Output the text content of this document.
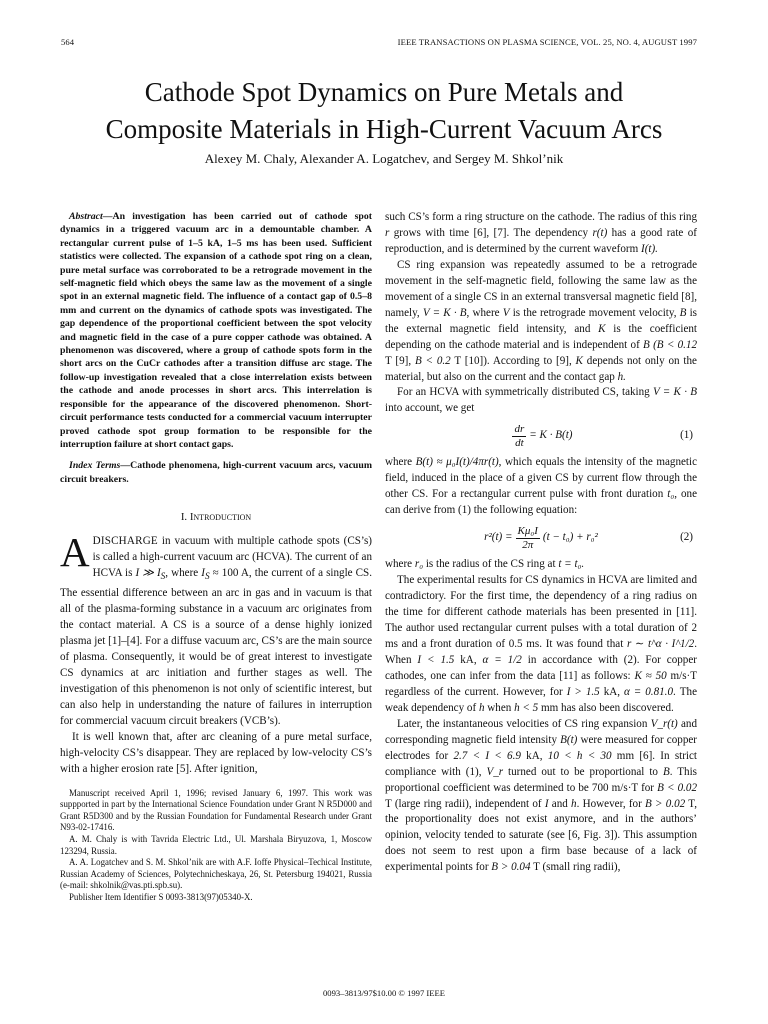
564	IEEE TRANSACTIONS ON PLASMA SCIENCE, VOL. 25, NO. 4, AUGUST 1997
Cathode Spot Dynamics on Pure Metals and
Composite Materials in High-Current Vacuum Arcs
Alexey M. Chaly, Alexander A. Logatchev, and Sergey M. Shkol’nik

Abstract—An investigation has been carried out of cathode spot dynamics in a triggered vacuum arc in a demountable chamber. A rectangular current pulse of 1–5 kA, 1–5 ms has been used. Sufficient statistics were collected. The expansion of a cathode spot ring on a clean, pure metal surface was corroborated to be a retrograde movement in the self-magnetic field which obeys the same law as the movement of a single spot in an external magnetic field. The influence of a contact gap of 0.5–8 mm and current on the dynamics of cathode spots was investigated. The gap dependence of the proportional coefficient between the spot velocity and magnetic field in the case of a pure copper cathode was obtained. A phenomenon was discovered, where a group of cathode spots form in the short arcs on the CuCr cathodes after a transition diffuse arc stage. The follow-up investigation revealed that a close interrelation exists between the cathode and anode processes in short arcs. This interrelation is responsible for the appearance of the discovered phenomenon. Short-circuit performance tests conducted for a commercial vacuum interrupter proved cathode spot group formation to be responsible for the interruption failure at short contact gaps.

Index Terms—Cathode phenomena, high-current vacuum arcs, vacuum circuit breakers.

I. Introduction

ADISCHARGE in vacuum with multiple cathode spots (CS’s) is called a high-current vacuum arc (HCVA). The current of an HCVA is I ≫ $I_S$, where $I_S \approx 100$ A, the current of a single CS. The essential difference between an arc in gas and in vacuum is that all of the plasma-forming substance in a vacuum arc originates from the contact material. A CS is a source of a dense highly ionized plasma jet [1]–[4]. For a diffuse vacuum arc, CS’s are the main source of plasma. Consequently, it would be of great interest to investigate CS dynamics at arc initiation and further stages as well. The investigation of this phenomenon is not only of scientific interest, but can also help in understanding the nature of failures in interruption for commercial vacuum circuit breakers (VCB’s).

It is well known that, after arc cleaning of a pure metal surface, high-velocity CS’s disappear. They are replaced by low-velocity CS’s with a higher erosion rate [5]. After ignition,

Manuscript received April 1, 1996; revised January 6, 1997. This work was suppported in part by the International Science Foundation under Grant N R5D000 and Grant R5D300 and by the Russian Foundation for Fundamental Research under Grant N93-02-17416.

A. M. Chaly is with Tavrida Electric Ltd., Ul. Marshala Biryuzova, 1, Moscow 123294, Russia.

A. A. Logatchev and S. M. Shkol’nik are with A.F. Ioffe Physical–Techical Institute, Russian Academy of Sciences, Polytechnicheskaya, 26, St. Petersburg 194021, Russia (e-mail: shkolnik@vas.pti.spb.su).

Publisher Item Identifier S 0093-3813(97)05340-X.

such CS’s form a ring structure on the cathode. The radius of this ring r grows with time [6], [7]. The dependency r(t) has a good rate of reproduction, and is determined by the current waveform I(t).

CS ring expansion was repeatedly assumed to be a retrograde movement in the self-magnetic field, following the same law as the movement of a single CS in an external transversal magnetic field [8], namely, V = K · B, where V is the retrograde movement velocity, B is the external magnetic field intensity, and K is the coefficient depending on the cathode material and is independent of B (B < 0.12 T [9], B < 0.2 T [10]). According to [9], K depends not only on the material, but also on the current and the contact gap h.

For an HCVA with symmetrically distributed CS, taking V = K · B into account, we get

$\frac{dr}{dt} = K \cdot B(t)$	(1)

where B(t) ≈ μ₀I(t)/4πr(t), which equals the intensity of the magnetic field, induced in the place of a given CS by current flow through the other CS. For a rectangular current pulse with front duration t₀, one can derive from (1) the following equation:

$r^2(t) = \frac{\text{Kμ₀I}}{2\pi} (t - t_0) + r_0^2$	(2)

where r₀ is the radius of the CS ring at t = t₀.

The experimental results for CS dynamics in HCVA are limited and contradictory. For the first time, the dependency of a ring radius on the time for different cathode materials has been presented in [11]. The author used rectangular current pulses with a total duration of 2 ms and a front duration of 0.5 ms. It was found that r ∼ t^α · I^1/2. When I < 1.5 kA, α = 1/2 in accordance with (2). For copper cathodes, one can infer from the data [11] as follows: K ≈ 50 m/s·T regardless of the current. However, for I > 1.5 kA, α = 0.81.0. The weak dependency of h when h < 5 mm has also been discovered.

Later, the instantaneous velocities of CS ring expansion V_r(t) and corresponding magnetic field intensity B(t) were measured for copper electrodes for 2.7 < I < 6.9 kA, 10 < h < 30 mm [6]. In strict compliance with (1), V_r turned out to be proportional to B. This proportional coefficient was determined to be 700 m/s·T for B < 0.02 T (large ring radii), independent of I and h. However, for B > 0.02 T, the proportionality does not exist anymore, and in the authors’ opinion, velocity tended to saturate (see [6, Fig. 3]). This assumption does not seem to rest upon a firm base because of a lack of experimental points for B > 0.04 T (small ring radii),

0093–3813/97$10.00 © 1997 IEEE
